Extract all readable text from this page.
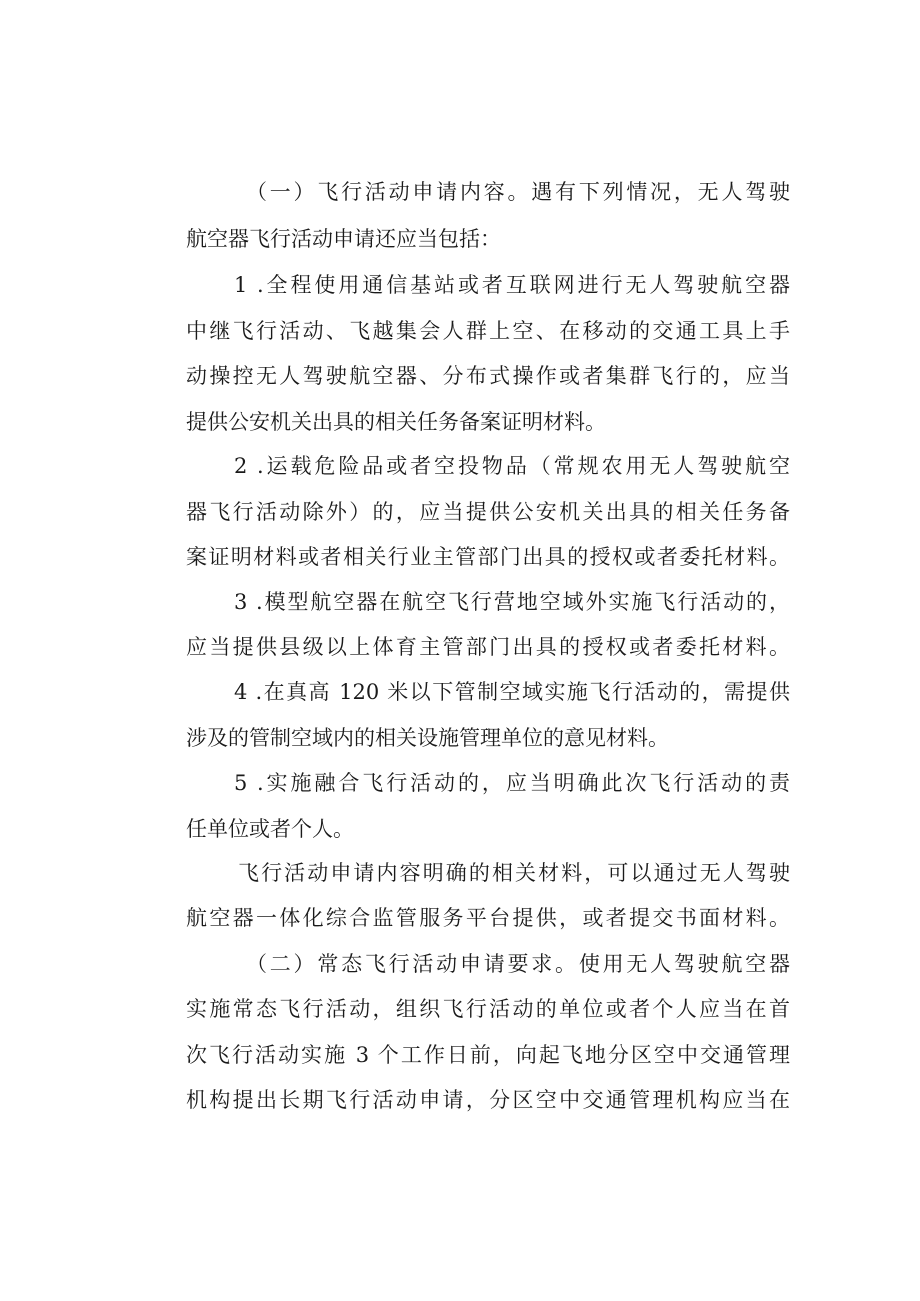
（一）飞行活动申请内容。遇有下列情况，无人驾驶
航空器飞行活动申请还应当包括：
1 .全程使用通信基站或者互联网进行无人驾驶航空器
中继飞行活动、飞越集会人群上空、在移动的交通工具上手
动操控无人驾驶航空器、分布式操作或者集群飞行的，应当
提供公安机关出具的相关任务备案证明材料。
2 .运载危险品或者空投物品（常规农用无人驾驶航空
器飞行活动除外）的，应当提供公安机关出具的相关任务备
案证明材料或者相关行业主管部门出具的授权或者委托材料。
3 .模型航空器在航空飞行营地空域外实施飞行活动的，
应当提供县级以上体育主管部门出具的授权或者委托材料。
4 .在真高 120 米以下管制空域实施飞行活动的，需提供
涉及的管制空域内的相关设施管理单位的意见材料。
5 .实施融合飞行活动的，应当明确此次飞行活动的责
任单位或者个人。
飞行活动申请内容明确的相关材料，可以通过无人驾驶
航空器一体化综合监管服务平台提供，或者提交书面材料。
（二）常态飞行活动申请要求。使用无人驾驶航空器
实施常态飞行活动，组织飞行活动的单位或者个人应当在首
次飞行活动实施 3 个工作日前，向起飞地分区空中交通管理
机构提出长期飞行活动申请，分区空中交通管理机构应当在
